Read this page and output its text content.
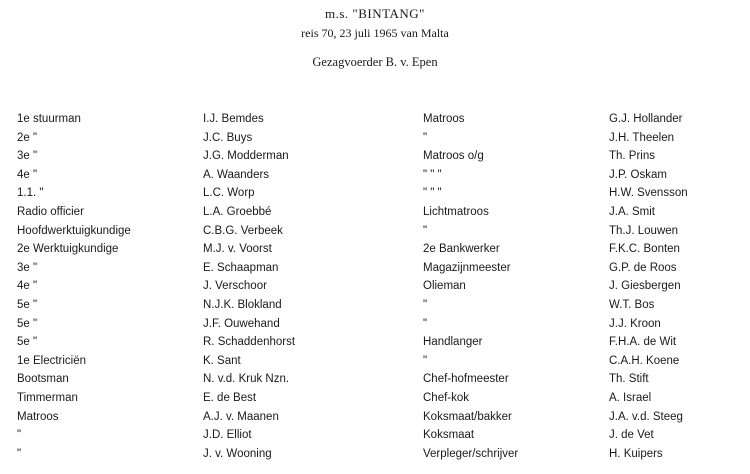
m.s. "BINTANG"
reis 70, 23 juli 1965 van Malta
Gezagvoerder B. v. Epen
1e stuurman	I.J. Bemdes	Matroos	G.J. Hollander
2e "	J.C. Buys	"	J.H. Theelen
3e "	J.G. Modderman	Matroos o/g	Th. Prins
4e "	A. Waanders	" " "	J.P. Oskam
1.1. "	L.C. Worp	" " "	H.W. Svensson
Radio officier	L.A. Groebbé	Lichtmatroos	J.A. Smit
Hoofdwerktuigkundige	C.B.G. Verbeek	"	Th.J. Louwen
2e Werktuigkundige	M.J. v. Voorst	2e Bankwerker	F.K.C. Bonten
3e "	E. Schaapman	Magazijnmeester	G.P. de Roos
4e "	J. Verschoor	Olieman	J. Giesbergen
5e "	N.J.K. Blokland	"	W.T. Bos
5e "	J.F. Ouwehand	"	J.J. Kroon
5e "	R. Schaddenhorst	Handlanger	F.H.A. de Wit
1e Electriciën	K. Sant	"	C.A.H. Koene
Bootsman	N. v.d. Kruk Nzn.	Chef-hofmeester	Th. Stift
Timmerman	E. de Best	Chef-kok	A. Israel
Matroos	A.J. v. Maanen	Koksmaat/bakker	J.A. v.d. Steeg
"	J.D. Elliot	Koksmaat	J. de Vet
"	J. v. Wooning	Verpleger/schrijver	H. Kuipers
